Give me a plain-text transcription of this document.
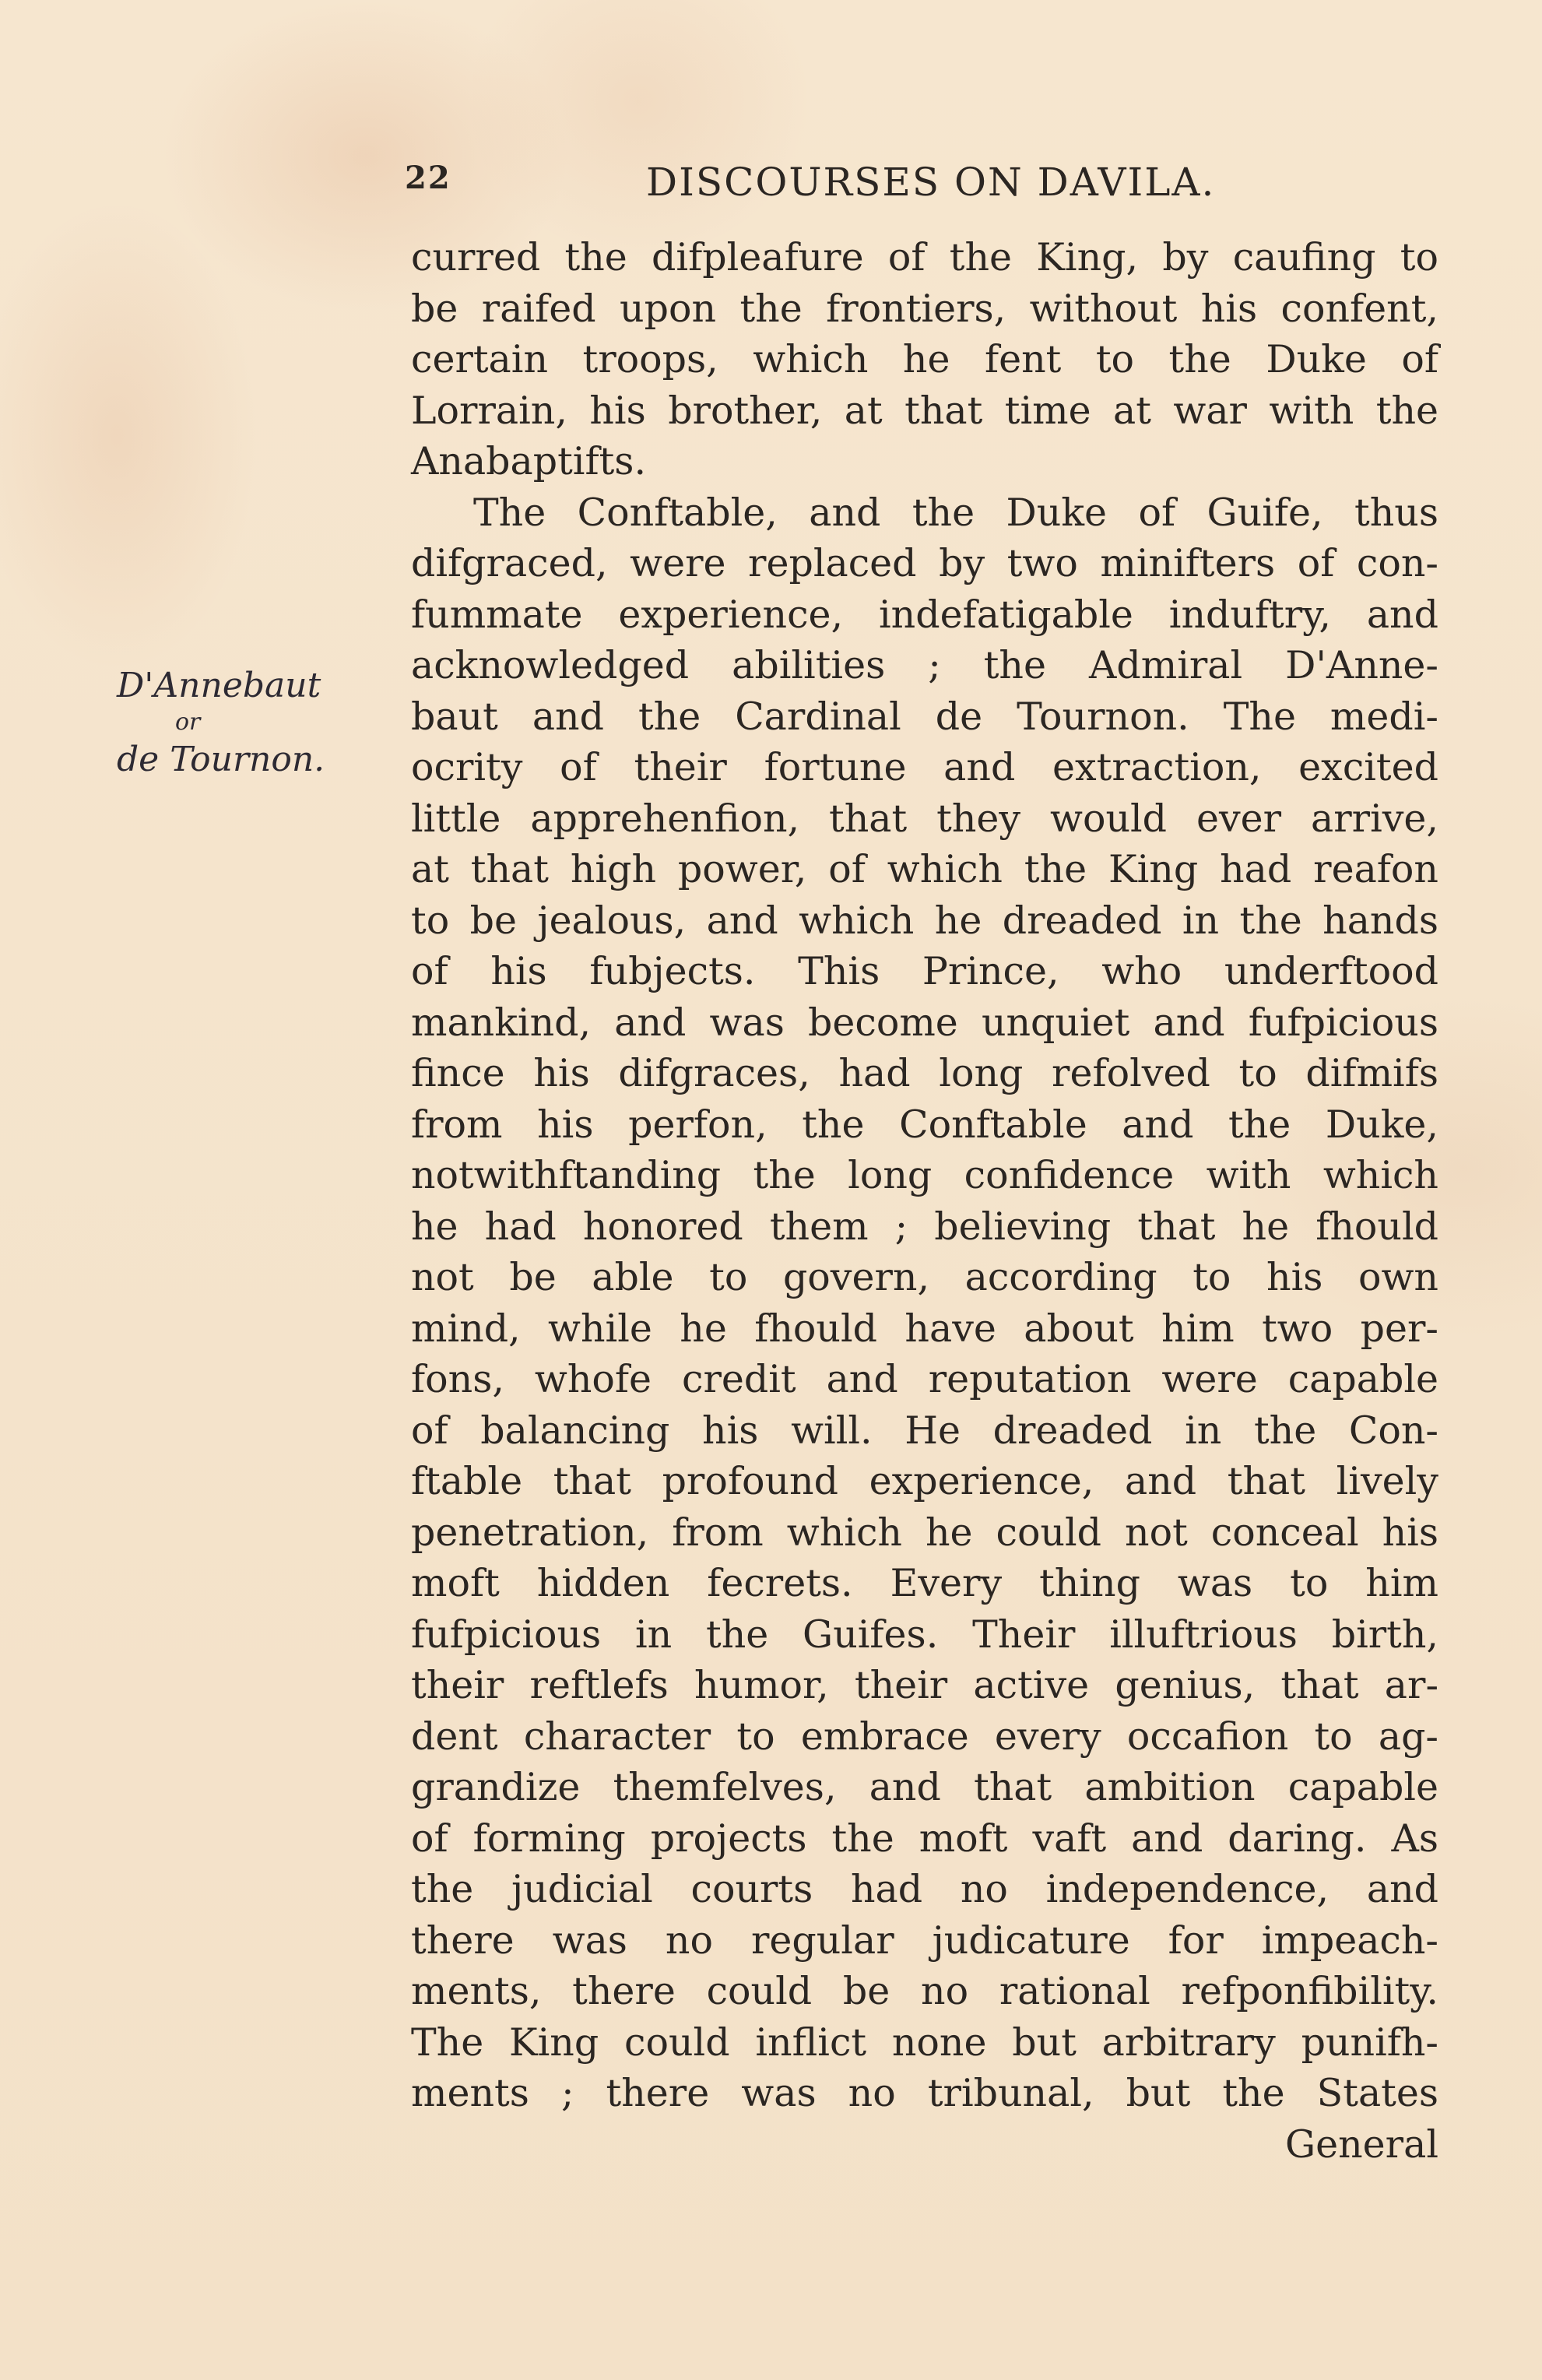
22	DISCOURSES ON DAVILA.
D'Annebaut
or
de Tournon.
curred the difpleafure of the King, by caufing to
be raifed upon the frontiers, without his confent,
certain troops, which he fent to the Duke of
Lorrain, his brother, at that time at war with the
Anabaptifts.
The Conftable, and the Duke of Guife, thus
difgraced, were replaced by two minifters of con-
fummate experience, indefatigable induftry, and
acknowledged abilities ; the Admiral D'Anne-
baut and the Cardinal de Tournon. The medi-
ocrity of their fortune and extraction, excited
little apprehenfion, that they would ever arrive,
at that high power, of which the King had reafon
to be jealous, and which he dreaded in the hands
of his fubjects. This Prince, who underftood
mankind, and was become unquiet and fufpicious
fince his difgraces, had long refolved to difmifs
from his perfon, the Conftable and the Duke,
notwithftanding the long confidence with which
he had honored them ; believing that he fhould
not be able to govern, according to his own
mind, while he fhould have about him two per-
fons, whofe credit and reputation were capable
of balancing his will. He dreaded in the Con-
ftable that profound experience, and that lively
penetration, from which he could not conceal his
moft hidden fecrets. Every thing was to him
fufpicious in the Guifes. Their illuftrious birth,
their reftlefs humor, their active genius, that ar-
dent character to embrace every occafion to ag-
grandize themfelves, and that ambition capable
of forming projects the moft vaft and daring. As
the judicial courts had no independence, and
there was no regular judicature for impeach-
ments, there could be no rational refponfibility.
The King could inflict none but arbitrary punifh-
ments ; there was no tribunal, but the States
General
